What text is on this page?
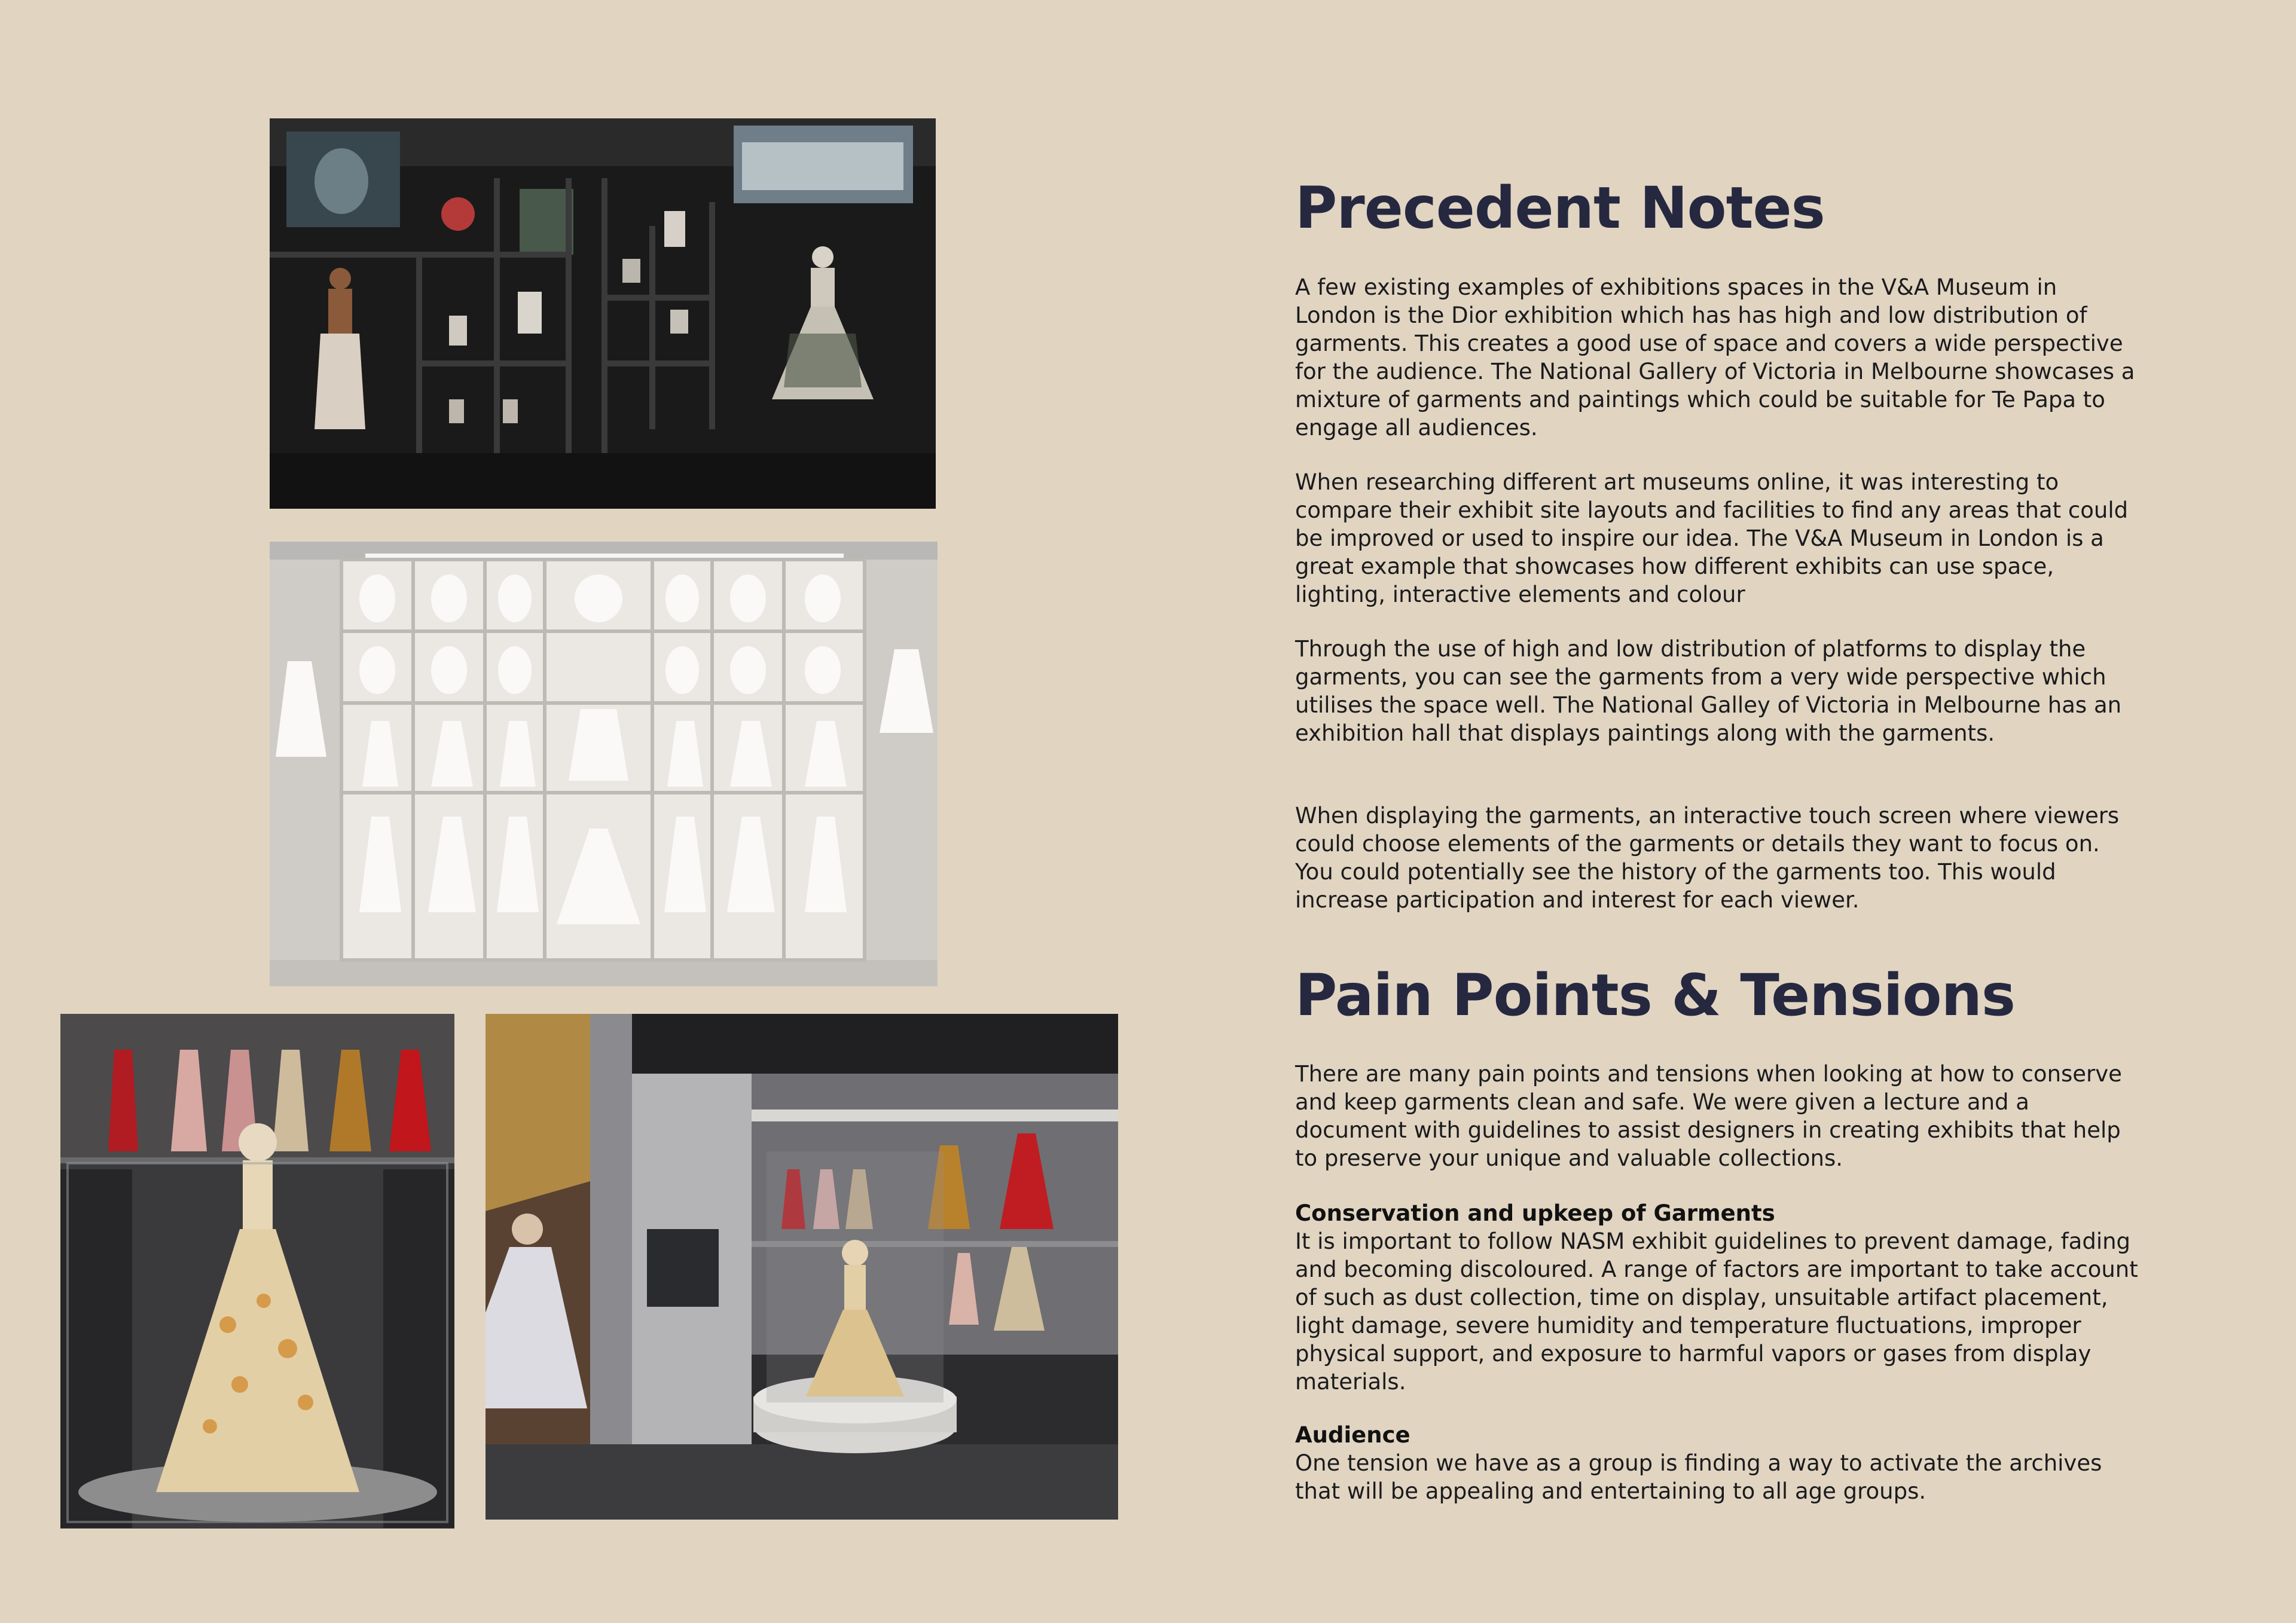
Precedent Notes

A few existing examples of exhibitions spaces in the V&A Museum in London is the Dior exhibition which has has high and low distribution of garments. This creates a good use of space and covers a wide perspective for the audience. The National Gallery of Victoria in Melbourne showcases a mixture of garments and paintings which could be suitable for Te Papa to engage all audiences.

When researching different art museums online, it was interesting to compare their exhibit site layouts and facilities to find any areas that could be improved or used to inspire our idea. The V&A Museum in London is a great example that showcases how different exhibits can use space, lighting, interactive elements and colour

Through the use of high and low distribution of platforms to display the garments, you can see the garments from a very wide perspective which utilises the space well. The National Galley of Victoria in Melbourne has an exhibition hall that displays paintings along with the garments.

When displaying the garments, an interactive touch screen where viewers could choose elements of the garments or details they want to focus on. You could potentially see the history of the garments too. This would increase participation and interest for each viewer.

Pain Points & Tensions

There are many pain points and tensions when looking at how to conserve and keep garments clean and safe. We were given a lecture and a document with guidelines to assist designers in creating exhibits that help to preserve your unique and valuable collections.

Conservation and upkeep of Garments

It is important to follow NASM exhibit guidelines to prevent damage, fading and becoming discoloured. A range of factors are important to take account of such as dust collection, time on display, unsuitable artifact placement, light damage, severe humidity and temperature fluctuations, improper physical support, and exposure to harmful vapors or gases from display materials.

Audience

One tension we have as a group is finding a way to activate the archives that will be appealing and entertaining to all age groups.
